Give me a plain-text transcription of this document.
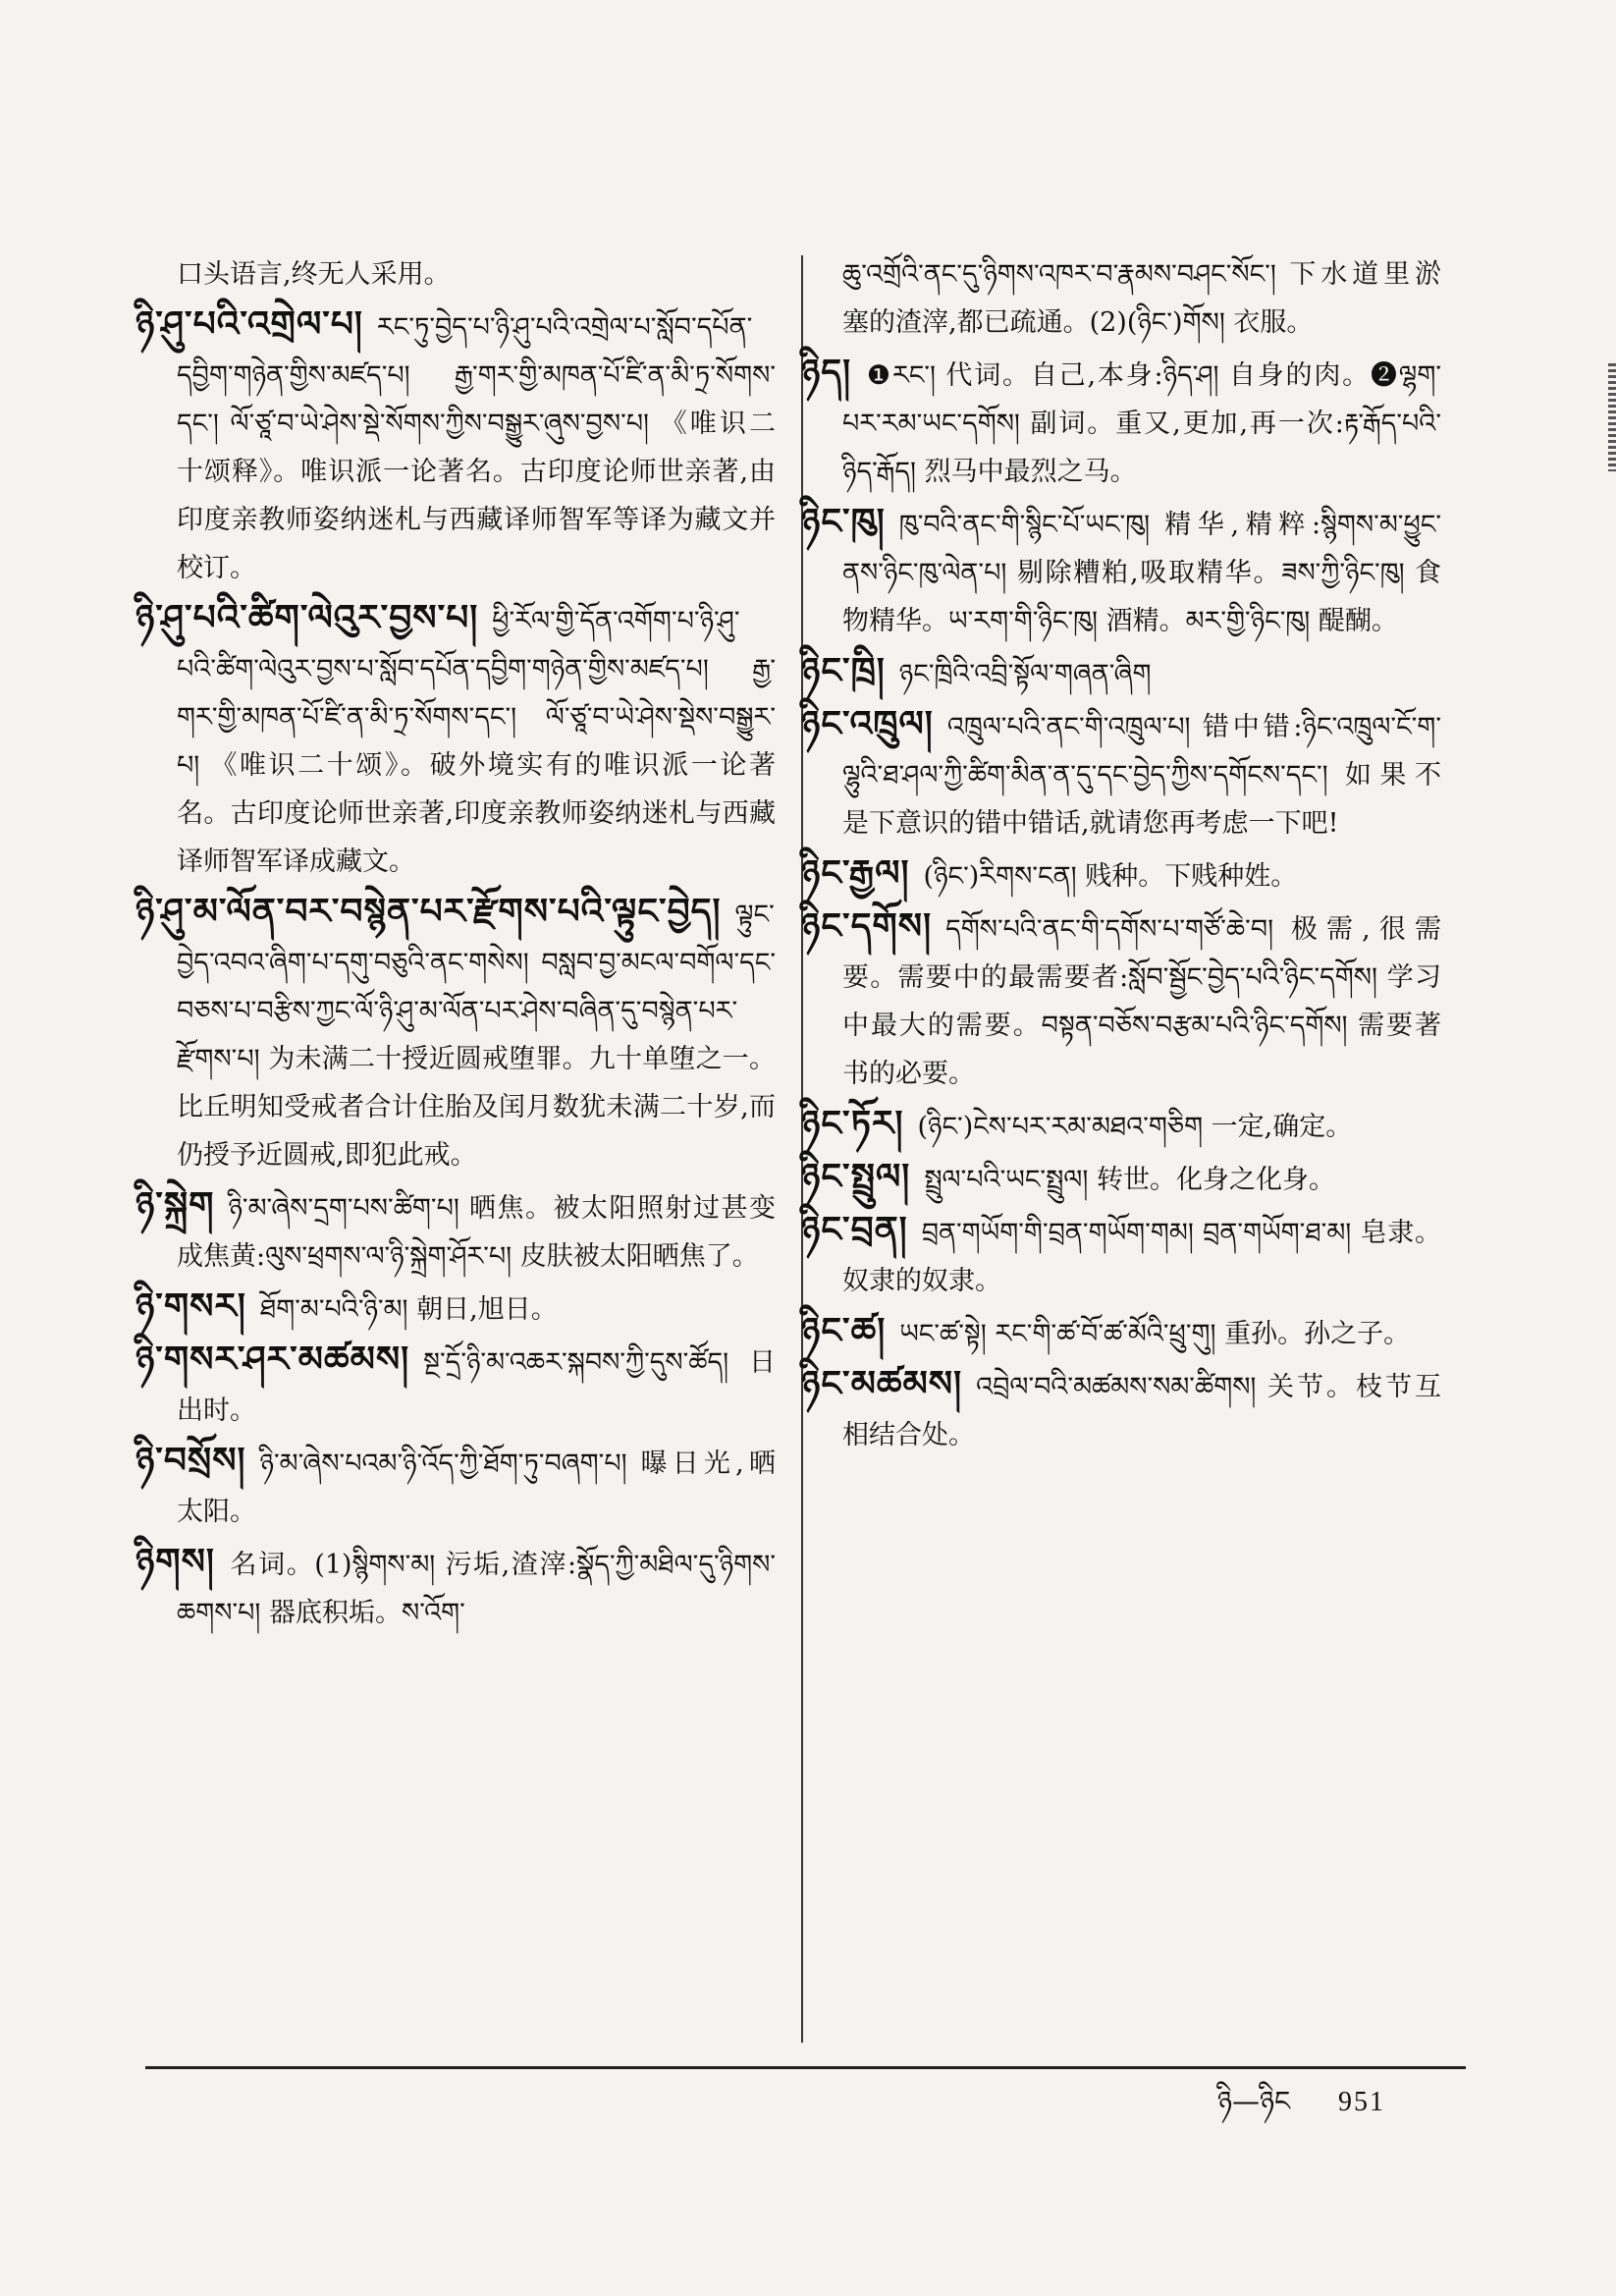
口头语言,终无人采用。

ཉི་ཤུ་པའི་འགྲེལ་པ། རང་ཏུ་བྱེད་པ་ཉི་ཤུ་པའི་འགྲེལ་པ་སློབ་དཔོན་དབྱིག་གཉེན་གྱིས་མཛད་པ། རྒྱ་གར་གྱི་མཁན་པོ་ཛི་ན་མི་ཏྲ་སོགས་དང་། ལོ་ཙཱ་བ་ཡེ་ཤེས་སྡེ་སོགས་ཀྱིས་བསྒྱུར་ཞུས་བྱས་པ། 《唯识二十颂释》。唯识派一论著名。古印度论师世亲著,由印度亲教师姿纳迷札与西藏译师智军等译为藏文并校订。

ཉི་ཤུ་པའི་ཚིག་ལེའུར་བྱས་པ། ཕྱི་རོལ་གྱི་དོན་འགོག་པ་ཉི་ཤུ་པའི་ཚིག་ལེའུར་བྱས་པ་སློབ་དཔོན་དབྱིག་གཉེན་གྱིས་མཛད་པ། རྒྱ་གར་གྱི་མཁན་པོ་ཛི་ན་མི་ཏྲ་སོགས་དང་། ལོ་ཙཱ་བ་ཡེ་ཤེས་སྡེས་བསྒྱུར་པ། 《唯识二十颂》。破外境实有的唯识派一论著名。古印度论师世亲著,印度亲教师姿纳迷札与西藏译师智军译成藏文。

ཉི་ཤུ་མ་ལོན་བར་བསྙེན་པར་རྫོགས་པའི་ལྟུང་བྱེད། ལྟུང་བྱེད་འབའ་ཞིག་པ་དགུ་བཅུའི་ནང་གསེས། བསླབ་བྱ་མངལ་བགོལ་དང་བཅས་པ་བརྩིས་ཀྱང་ལོ་ཉི་ཤུ་མ་ལོན་པར་ཤེས་བཞིན་དུ་བསྙེན་པར་རྫོགས་པ། 为未满二十授近圆戒堕罪。九十单堕之一。比丘明知受戒者合计住胎及闰月数犹未满二十岁,而仍授予近圆戒,即犯此戒。

ཉི་སྐྲེག ཉི་མ་ཞེས་དྲག་པས་ཚིག་པ། 晒焦。被太阳照射过甚变成焦黄:ལུས་ཕྲགས་ལ་ཉི་སྐྲེག་ཤོར་པ། 皮肤被太阳晒焦了。

ཉི་གསར། ཐོག་མ་པའི་ཉི་མ། 朝日,旭日。

ཉི་གསར་ཤར་མཚམས། སྔ་དྲོ་ཉི་མ་འཆར་སྐབས་ཀྱི་དུས་ཚོད། 日出时。

ཉི་བསྲོས། ཉི་མ་ཞེས་པའམ་ཉི་འོད་ཀྱི་ཐོག་ཏུ་བཞག་པ། 曝日光,晒太阳。

ཉིགས། 名词。(1)སྙིགས་མ། 污垢,渣滓:སྣོད་ཀྱི་མཐིལ་དུ་ཉིགས་ཆགས་པ། 器底积垢。ས་འོག་

ཆུ་འགྲོའི་ནང་དུ་ཉིགས་འཁར་བ་རྣམས་བཤང་སོང་། 下水道里淤塞的渣滓,都已疏通。(2)(ཉིང་)གོས། 衣服。

ཉིད། ❶རང་། 代词。自己,本身:ཉིད་ཤ། 自身的肉。❷ལྷག་པར་རམ་ཡང་དགོས། 副词。重又,更加,再一次:རྟ་རྒོད་པའི་ཉིད་རྒོད། 烈马中最烈之马。

ཉིང་ཁུ། ཁུ་བའི་ནང་གི་སྙིང་པོ་ཡང་ཁུ། 精华,精粹:སྙིགས་མ་ཕྱུང་ནས་ཉིང་ཁུ་ལེན་པ། 剔除糟粕,吸取精华。ཟས་ཀྱི་ཉིང་ཁུ། 食物精华。ཡ་རག་གི་ཉིང་ཁུ། 酒精。མར་གྱི་ཉིང་ཁུ། 醍醐。

ཉིང་ཁྲི། ཉང་ཁྲིའི་འབྲི་སྟོལ་གཞན་ཞིག

ཉིང་འཁྲུལ། འཁྲུལ་པའི་ནང་གི་འཁྲུལ་པ། 错中错:ཉིང་འཁྲུལ་ངོ་ག་ལྷུའི་ཐ་ཤལ་ཀྱི་ཚིག་མིན་ན་དུ་དང་བྱེད་ཀྱིས་དགོངས་དང་། 如果不是下意识的错中错话,就请您再考虑一下吧!

ཉིང་རྒྱལ། (ཉིང་)རིགས་ངན། 贱种。下贱种姓。

ཉིང་དགོས། དགོས་པའི་ནང་གི་དགོས་པ་གཙོ་ཆེ་བ། 极需,很需要。需要中的最需要者:སློབ་སྦྱོང་བྱེད་པའི་ཉིང་དགོས། 学习中最大的需要。བསྟན་བཅོས་བརྩམ་པའི་ཉིང་དགོས། 需要著书的必要。

ཉིང་ཏོར། (ཉིང་)ངེས་པར་རམ་མཐའ་གཅིག 一定,确定。

ཉིང་སྤྲུལ། སྤྲུལ་པའི་ཡང་སྤྲུལ། 转世。化身之化身。

ཉིང་བྲན། བྲན་གཡོག་གི་བྲན་གཡོག་གམ། བྲན་གཡོག་ཐ་མ། 皂隶。奴隶的奴隶。

ཉིང་ཚ། ཡང་ཚ་སྟེ། རང་གི་ཚ་བོ་ཚ་མོའི་ཕྲུ་གུ། 重孙。孙之子。

ཉིང་མཚམས། འབྲེལ་བའི་མཚམས་སམ་ཚིགས། 关节。枝节互相结合处。

ཉི—ཉིང 951
